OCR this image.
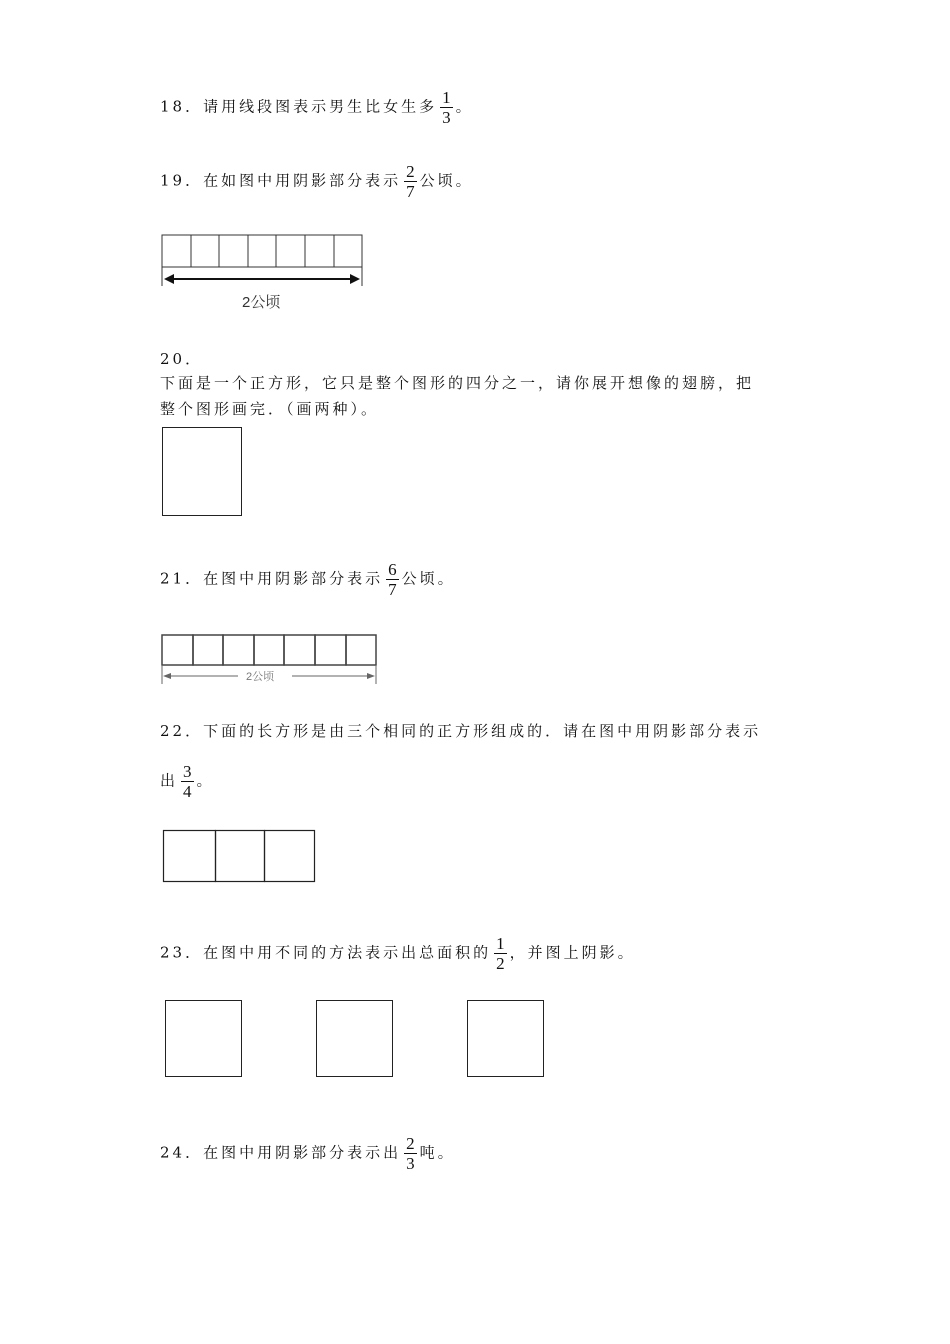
18．请用线段图表示男生比女生多 $\frac{1}{3}$ 。
19．在如图中用阴影部分表示 $\frac{2}{7}$ 公顷。
2公顷
20．
下面是一个正方形，它只是整个图形的四分之一，请你展开想像的翅膀，把
整个图形画完．（画两种）。
21．在图中用阴影部分表示 $\frac{6}{7}$ 公顷。
2公顷
22．下面的长方形是由三个相同的正方形组成的．请在图中用阴影部分表示
出 $\frac{3}{4}$ 。
23．在图中用不同的方法表示出总面积的 $\frac{1}{2}$ ，并图上阴影。
24．在图中用阴影部分表示出 $\frac{2}{3}$ 吨。
